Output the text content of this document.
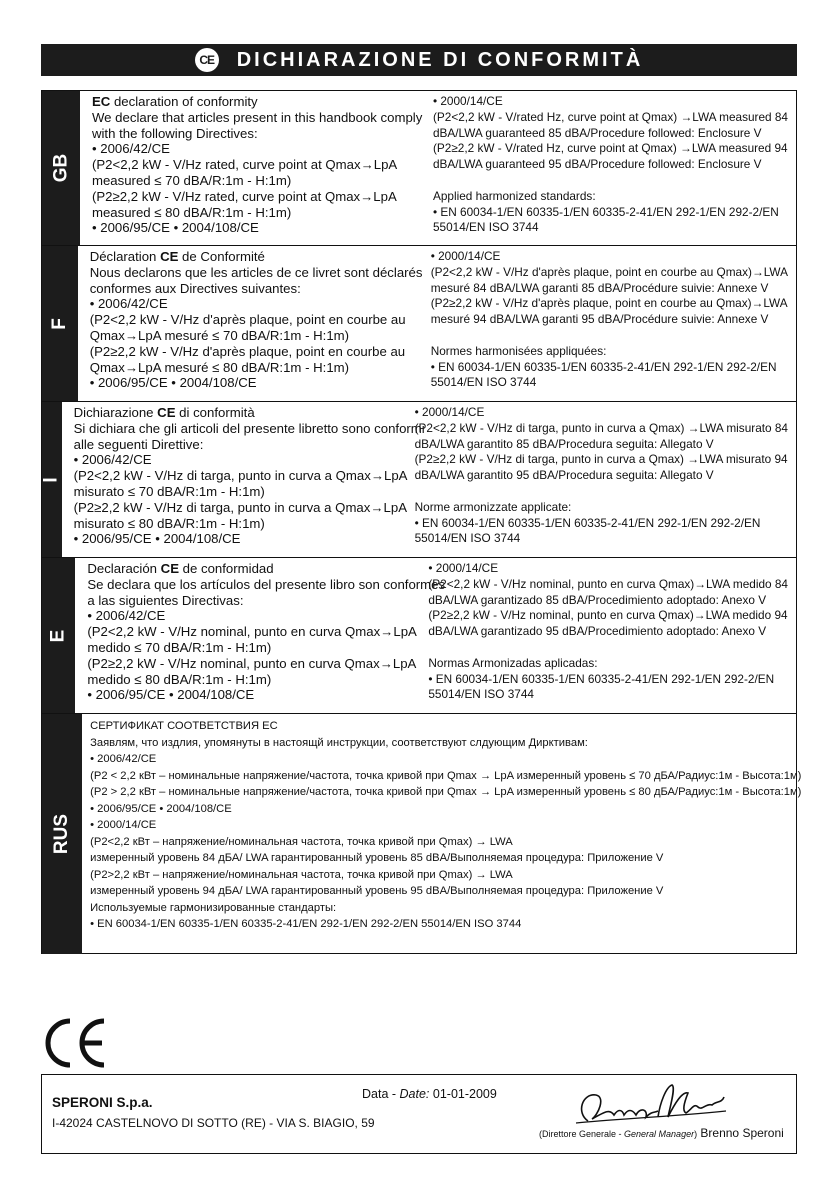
CE DICHIARAZIONE DI CONFORMITÀ
GB
EC declaration of conformity
We declare that articles present in this handbook comply
with the following Directives:
• 2006/42/CE
(P2<2,2 kW - V/Hz rated, curve point at Qmax→LpA
measured ≤ 70 dBA/R:1m - H:1m)
(P2≥2,2 kW - V/Hz rated, curve point at Qmax→LpA
measured ≤ 80 dBA/R:1m - H:1m)
• 2006/95/CE • 2004/108/CE
• 2000/14/CE
(P2<2,2 kW - V/rated Hz, curve point at Qmax) →LWA measured 84
dBA/LWA guaranteed 85 dBA/Procedure followed: Enclosure V
(P2≥2,2 kW - V/rated Hz, curve point at Qmax) →LWA measured 94
dBA/LWA guaranteed 95 dBA/Procedure followed: Enclosure V
Applied harmonized standards:
• EN 60034-1/EN 60335-1/EN 60335-2-41/EN 292-1/EN 292-2/EN
55014/EN ISO 3744
F
Déclaration CE de Conformité
Nous declarons que les articles de ce livret sont déclarés
conformes aux Directives suivantes:
• 2006/42/CE
(P2<2,2 kW - V/Hz d'après plaque, point en courbe au
Qmax→LpA mesuré ≤ 70 dBA/R:1m - H:1m)
(P2≥2,2 kW - V/Hz d'après plaque, point en courbe au
Qmax→LpA mesuré ≤ 80 dBA/R:1m - H:1m)
• 2006/95/CE • 2004/108/CE
• 2000/14/CE
(P2<2,2 kW - V/Hz d'après plaque, point en courbe au Qmax)→LWA
mesuré 84 dBA/LWA garanti 85 dBA/Procédure suivie: Annexe V
(P2≥2,2 kW - V/Hz d'après plaque, point en courbe au Qmax)→LWA
mesuré 94 dBA/LWA garanti 95 dBA/Procédure suivie: Annexe V
Normes harmonisées appliquées:
• EN 60034-1/EN 60335-1/EN 60335-2-41/EN 292-1/EN 292-2/EN
55014/EN ISO 3744
I
Dichiarazione CE di conformità
Si dichiara che gli articoli del presente libretto sono conformi
alle seguenti Direttive:
• 2006/42/CE
(P2<2,2 kW - V/Hz di targa, punto in curva a Qmax→LpA
misurato ≤ 70 dBA/R:1m - H:1m)
(P2≥2,2 kW - V/Hz di targa, punto in curva a Qmax→LpA
misurato ≤ 80 dBA/R:1m - H:1m)
• 2006/95/CE • 2004/108/CE
• 2000/14/CE
(P2<2,2 kW - V/Hz di targa, punto in curva a Qmax) →LWA misurato 84
dBA/LWA garantito 85 dBA/Procedura seguita: Allegato V
(P2≥2,2 kW - V/Hz di targa, punto in curva a Qmax) →LWA misurato 94
dBA/LWA garantito 95 dBA/Procedura seguita: Allegato V
Norme armonizzate applicate:
• EN 60034-1/EN 60335-1/EN 60335-2-41/EN 292-1/EN 292-2/EN
55014/EN ISO 3744
E
Declaración CE de conformidad
Se declara que los artículos del presente libro son conformes
a las siguientes Directivas:
• 2006/42/CE
(P2<2,2 kW - V/Hz nominal, punto en curva Qmax→LpA
medido ≤ 70 dBA/R:1m - H:1m)
(P2≥2,2 kW - V/Hz nominal, punto en curva Qmax→LpA
medido ≤ 80 dBA/R:1m - H:1m)
• 2006/95/CE • 2004/108/CE
• 2000/14/CE
(P2<2,2 kW - V/Hz nominal, punto en curva Qmax)→LWA medido 84
dBA/LWA garantizado 85 dBA/Procedimiento adoptado: Anexo V
(P2≥2,2 kW - V/Hz nominal, punto en curva Qmax)→LWA medido 94
dBA/LWA garantizado 95 dBA/Procedimiento adoptado: Anexo V
Normas Armonizadas aplicadas:
• EN 60034-1/EN 60335-1/EN 60335-2-41/EN 292-1/EN 292-2/EN
55014/EN ISO 3744
RUS
СЕРТИФИКАТ СООТВЕТСТВИЯ ЕС
Заявлям, что издлия, упомянуты в настоящй инструкции, соответствуют слдующим Дирктивам:
• 2006/42/CE
(P2 < 2,2 кВт – номинальные напряжение/частота, точка кривой при Qmax → LpA измеренный уровень ≤ 70 дБА/Радиус:1м - Высота:1м)
(P2 > 2,2 кВт – номинальные напряжение/частота, точка кривой при Qmax → LpA измеренный уровень ≤ 80 дБА/Радиус:1м - Высота:1м)
• 2006/95/CE • 2004/108/CE
• 2000/14/CE
(P2<2,2 кВт – напряжение/номинальная частота, точка кривой при Qmax) → LWA
измеренный уровень 84 дБА/ LWA гарантированный уровень 85 dBA/Выполняемая процедура: Приложение V
(P2>2,2 кВт – напряжение/номинальная частота, точка кривой при Qmax) → LWA
измеренный уровень 94 дБА/ LWA гарантированный уровень 95 dBA/Выполняемая процедура: Приложение V
Используемые гармонизированные стандарты:
• EN 60034-1/EN 60335-1/EN 60335-2-41/EN 292-1/EN 292-2/EN 55014/EN ISO 3744
SPERONI S.p.a.
I-42024 CASTELNOVO DI SOTTO (RE) - VIA S. BIAGIO, 59
Data - Date: 01-01-2009
(Direttore Generale - General Manager) Brenno Speroni
